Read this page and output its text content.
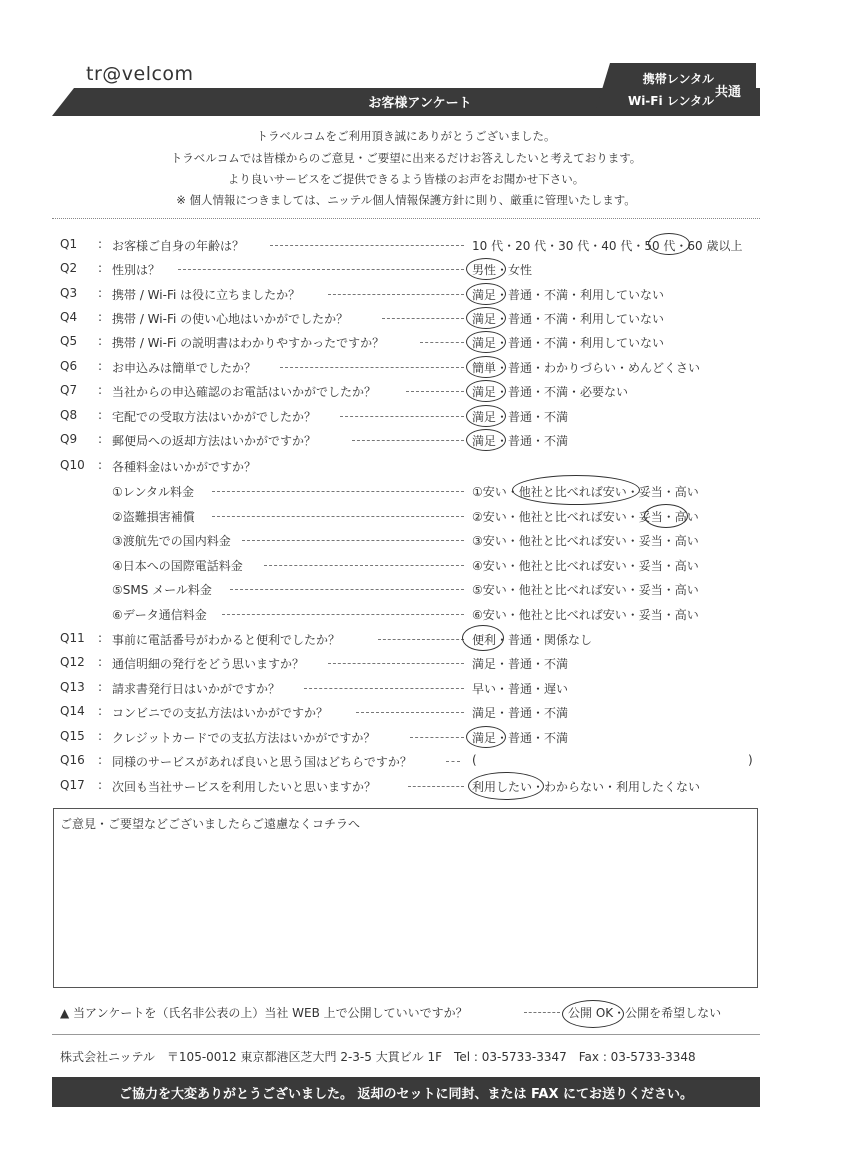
tr@velcom
お客様アンケート
携帯レンタル
Wi-Fi レンタル
共通
トラベルコムをご利用頂き誠にありがとうございました。
トラベルコムでは皆様からのご意見・ご要望に出来るだけお答えしたいと考えております。
より良いサービスをご提供できるよう皆様のお声をお聞かせ下さい。
※ 個人情報につきましては、ニッテル個人情報保護方針に則り、厳重に管理いたします。
Q1 : お客様ご自身の年齢は？	10 代・20 代・30 代・40 代・50 代・60 歳以上
Q2 : 性別は？	男性・女性
Q3 : 携帯 / Wi-Fi は役に立ちましたか？	満足・普通・不満・利用していない
Q4 : 携帯 / Wi-Fi の使い心地はいかがでしたか？	満足・普通・不満・利用していない
Q5 : 携帯 / Wi-Fi の説明書はわかりやすかったですか？	満足・普通・不満・利用していない
Q6 : お申込みは簡単でしたか？	簡単・普通・わかりづらい・めんどくさい
Q7 : 当社からの申込確認のお電話はいかがでしたか？	満足・普通・不満・必要ない
Q8 : 宅配での受取方法はいかがでしたか？	満足・普通・不満
Q9 : 郵便局への返却方法はいかがですか？	満足・普通・不満
Q10 : 各種料金はいかがですか？
①レンタル料金	①安い・他社と比べれば安い・妥当・高い
②盗難損害補償	②安い・他社と比べれば安い・妥当・高い
③渡航先での国内料金	③安い・他社と比べれば安い・妥当・高い
④日本への国際電話料金	④安い・他社と比べれば安い・妥当・高い
⑤SMS メール料金	⑤安い・他社と比べれば安い・妥当・高い
⑥データ通信料金	⑥安い・他社と比べれば安い・妥当・高い
Q11 : 事前に電話番号がわかると便利でしたか？	便利・普通・関係なし
Q12 : 通信明細の発行をどう思いますか？	満足・普通・不満
Q13 : 請求書発行日はいかがですか？	早い・普通・遅い
Q14 : コンビニでの支払方法はいかがですか？	満足・普通・不満
Q15 : クレジットカードでの支払方法はいかがですか？	満足・普通・不満
Q16 : 同様のサービスがあれば良いと思う国はどちらですか？	(	)
Q17 : 次回も当社サービスを利用したいと思いますか？	利用したい・わからない・利用したくない
ご意見・ご要望などございましたらご遠慮なくコチラへ
▲ 当アンケートを（氏名非公表の上）当社 WEB 上で公開していいですか？	公開 OK・公開を希望しない
株式会社ニッテル　〒105-0012 東京都港区芝大門 2-3-5 大貫ビル 1F　Tel : 03-5733-3347　Fax : 03-5733-3348
ご協力を大変ありがとうございました。 返却のセットに同封、または FAX にてお送りください。
